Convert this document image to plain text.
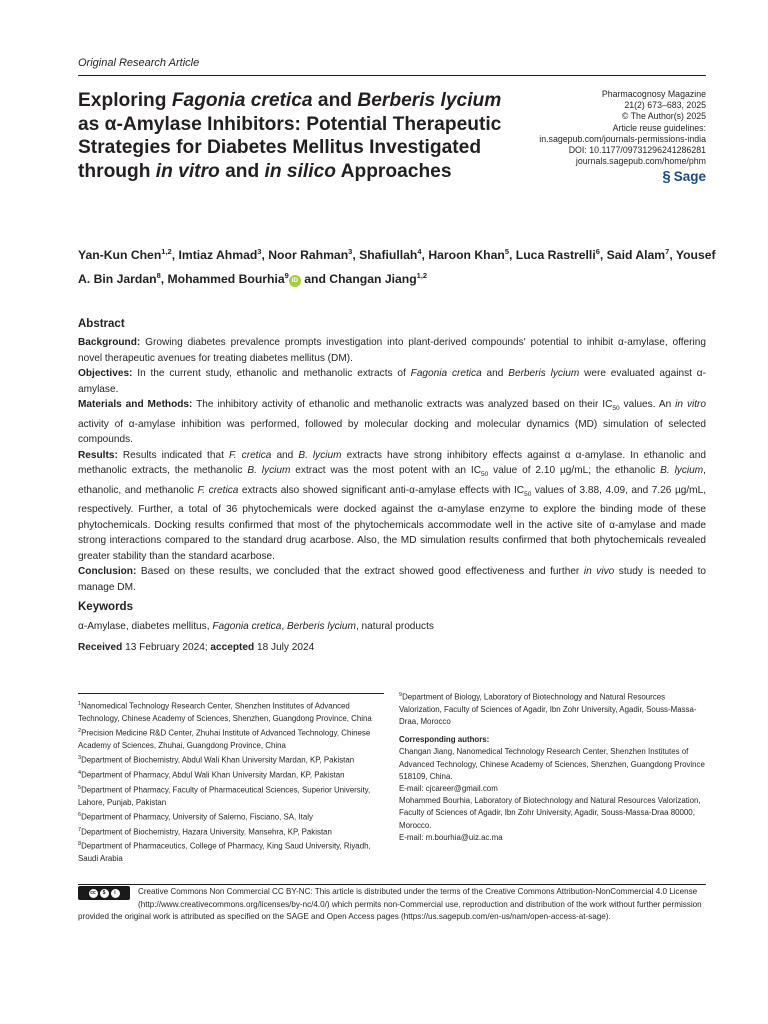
Original Research Article
Exploring Fagonia cretica and Berberis lycium as α-Amylase Inhibitors: Potential Therapeutic Strategies for Diabetes Mellitus Investigated through in vitro and in silico Approaches
Pharmacognosy Magazine
21(2) 673–683, 2025
© The Author(s) 2025
Article reuse guidelines:
in.sagepub.com/journals-permissions-india
DOI: 10.1177/09731296241286281
journals.sagepub.com/home/phm
§ Sage
Yan-Kun Chen$^{1,2}$, Imtiaz Ahmad$^3$, Noor Rahman$^3$, Shafiullah$^4$, Haroon Khan$^5$, Luca Rastrelli$^6$, Said Alam$^7$, Yousef A. Bin Jardan$^8$, Mohammed Bourhia$^9$iD and Changan Jiang$^{1,2}$
Abstract

Background: Growing diabetes prevalence prompts investigation into plant-derived compounds' potential to inhibit α-amylase, offering novel therapeutic avenues for treating diabetes mellitus (DM).

Objectives: In the current study, ethanolic and methanolic extracts of Fagonia cretica and Berberis lycium were evaluated against α-amylase.

Materials and Methods: The inhibitory activity of ethanolic and methanolic extracts was analyzed based on their $IC_{50}$ values. An in vitro activity of α-amylase inhibition was performed, followed by molecular docking and molecular dynamics (MD) simulation of selected compounds.

Results: Results indicated that F. cretica and B. lycium extracts have strong inhibitory effects against α α-amylase. In ethanolic and methanolic extracts, the methanolic B. lycium extract was the most potent with an $IC_{50}$ value of 2.10 µg/mL; the ethanolic B. lycium, ethanolic, and methanolic F. cretica extracts also showed significant anti-α-amylase effects with $IC_{50}$ values of 3.88, 4.09, and 7.26 µg/mL, respectively. Further, a total of 36 phytochemicals were docked against the α-amylase enzyme to explore the binding mode of these phytochemicals. Docking results confirmed that most of the phytochemicals accommodate well in the active site of α-amylase and made strong interactions compared to the standard drug acarbose. Also, the MD simulation results confirmed that both phytochemicals revealed greater stability than the standard acarbose.

Conclusion: Based on these results, we concluded that the extract showed good effectiveness and further in vivo study is needed to manage DM.

Keywords
α-Amylase, diabetes mellitus, Fagonia cretica, Berberis lycium, natural products
Received 13 February 2024; accepted 18 July 2024
$^1$Nanomedical Technology Research Center, Shenzhen Institutes of Advanced Technology, Chinese Academy of Sciences, Shenzhen, Guangdong Province, China
$^2$Precision Medicine R&D Center, Zhuhai Institute of Advanced Technology, Chinese Academy of Sciences, Zhuhai, Guangdong Province, China
$^3$Department of Biochemistry, Abdul Wali Khan University Mardan, KP, Pakistan
$^4$Department of Pharmacy, Abdul Wali Khan University Mardan, KP, Pakistan
$^5$Department of Pharmacy, Faculty of Pharmaceutical Sciences, Superior University, Lahore, Punjab, Pakistan
$^6$Department of Pharmacy, University of Salerno, Fisciano, SA, Italy
$^7$Department of Biochemistry, Hazara University, Mansehra, KP, Pakistan
$^8$Department of Pharmaceutics, College of Pharmacy, King Saud University, Riyadh, Saudi Arabia
$^9$Department of Biology, Laboratory of Biotechnology and Natural Resources Valorization, Faculty of Sciences of Agadir, Ibn Zohr University, Agadir, Souss-Massa-Draa, Morocco
Corresponding authors:
Changan Jiang, Nanomedical Technology Research Center, Shenzhen Institutes of Advanced Technology, Chinese Academy of Sciences, Shenzhen, Guangdong Province 518109, China.
E-mail: cjcareer@gmail.com
Mohammed Bourhia, Laboratory of Biotechnology and Natural Resources Valorization, Faculty of Sciences of Agadir, Ibn Zohr University, Agadir, Souss-Massa-Draa 80000, Morocco.
E-mail: m.bourhia@uiz.ac.ma
cc	$	i	Creative Commons Non Commercial CC BY-NC: This article is distributed under the terms of the Creative Commons Attribution-NonCommercial 4.0 License (http://www.creativecommons.org/licenses/by-nc/4.0/) which permits non-Commercial use, reproduction and distribution of the work without further permission provided the original work is attributed as specified on the SAGE and Open Access pages (https://us.sagepub.com/en-us/nam/open-access-at-sage).
